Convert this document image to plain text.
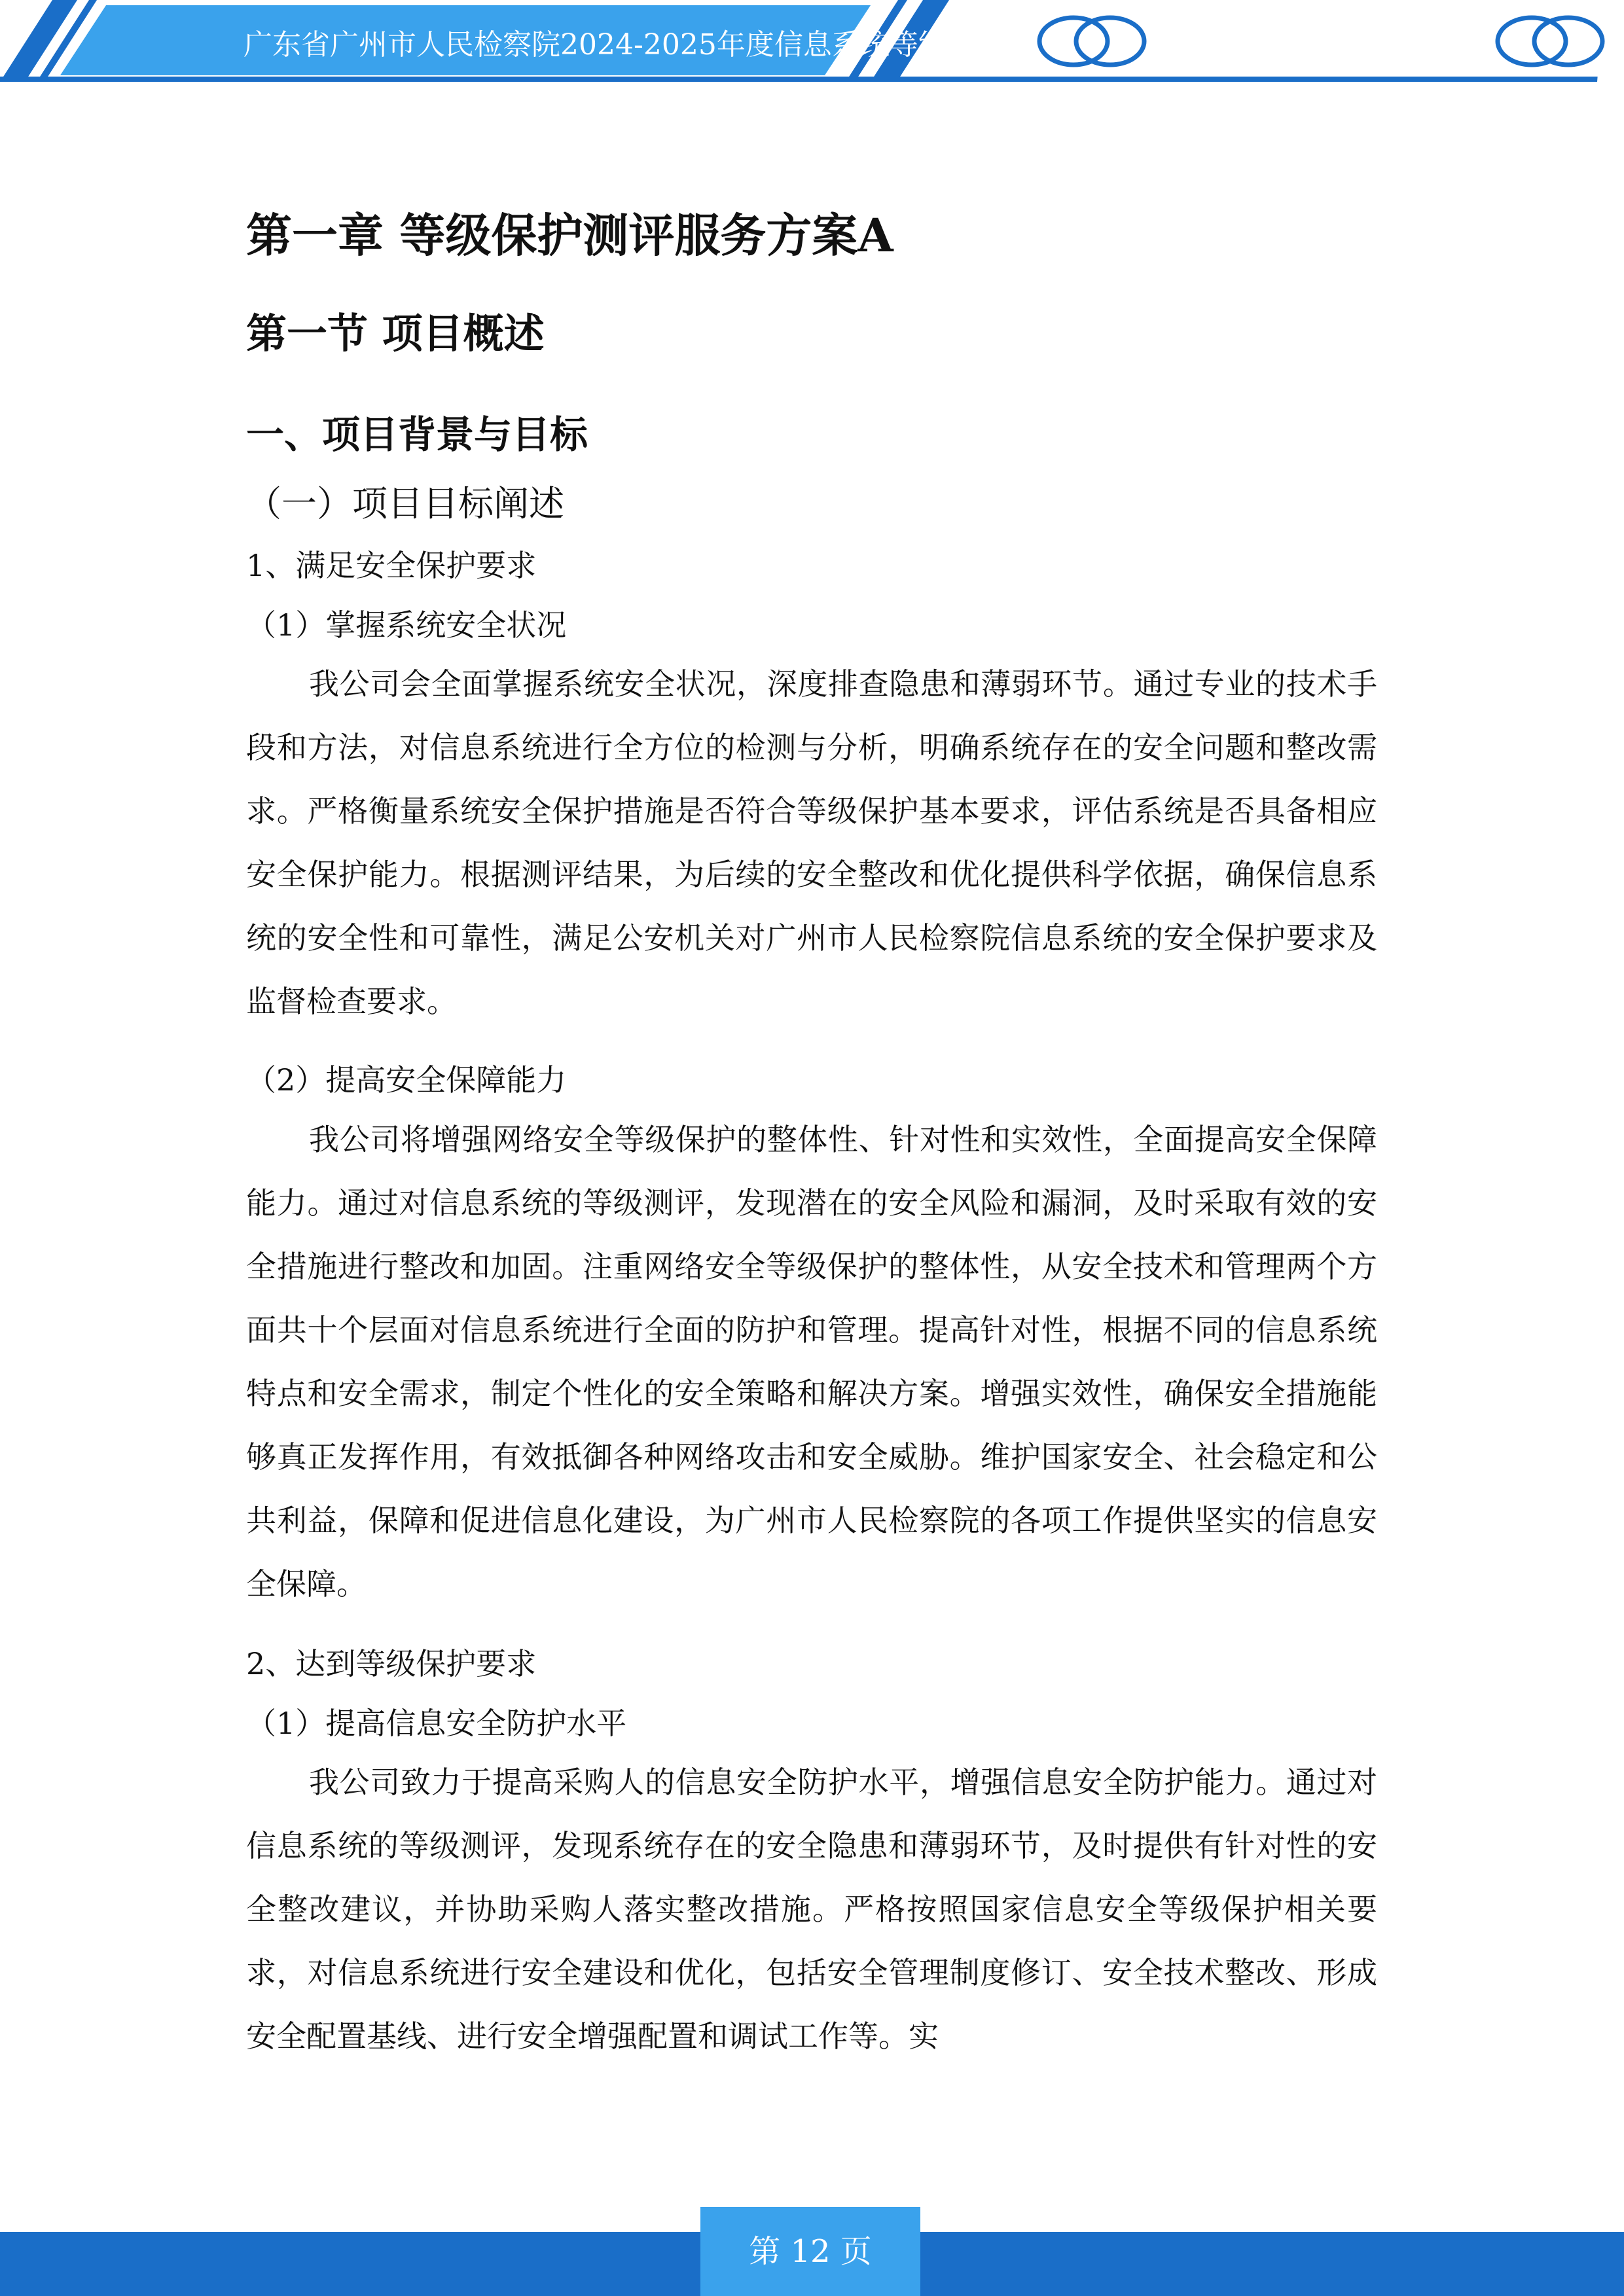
广东省广州市人民检察院2024-2025年度信息系统等级保护测评服务项目
第一章 等级保护测评服务方案A
第一节 项目概述
一、项目背景与目标
（一）项目目标阐述
1、满足安全保护要求
（1）掌握系统安全状况

我公司会全面掌握系统安全状况，深度排查隐患和薄弱环节。通过专业的技术手段和方法，对信息系统进行全方位的检测与分析，明确系统存在的安全问题和整改需求。严格衡量系统安全保护措施是否符合等级保护基本要求，评估系统是否具备相应安全保护能力。根据测评结果，为后续的安全整改和优化提供科学依据，确保信息系统的安全性和可靠性，满足公安机关对广州市人民检察院信息系统的安全保护要求及监督检查要求。

（2）提高安全保障能力

我公司将增强网络安全等级保护的整体性、针对性和实效性，全面提高安全保障能力。通过对信息系统的等级测评，发现潜在的安全风险和漏洞，及时采取有效的安全措施进行整改和加固。注重网络安全等级保护的整体性，从安全技术和管理两个方面共十个层面对信息系统进行全面的防护和管理。提高针对性，根据不同的信息系统特点和安全需求，制定个性化的安全策略和解决方案。增强实效性，确保安全措施能够真正发挥作用，有效抵御各种网络攻击和安全威胁。维护国家安全、社会稳定和公共利益，保障和促进信息化建设，为广州市人民检察院的各项工作提供坚实的信息安全保障。

2、达到等级保护要求
（1）提高信息安全防护水平

我公司致力于提高采购人的信息安全防护水平，增强信息安全防护能力。通过对信息系统的等级测评，发现系统存在的安全隐患和薄弱环节，及时提供有针对性的安全整改建议，并协助采购人落实整改措施。严格按照国家信息安全等级保护相关要求，对信息系统进行安全建设和优化，包括安全管理制度修订、安全技术整改、形成安全配置基线、进行安全增强配置和调试工作等。实

第 12 页
